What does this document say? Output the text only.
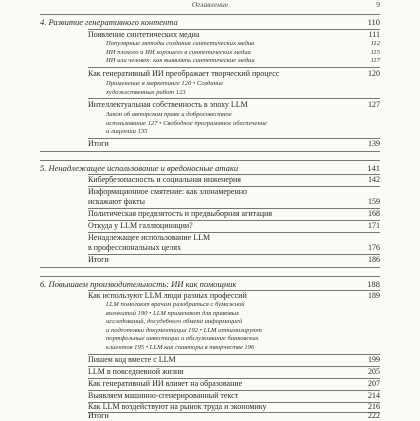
Оглавление	9
4. Развитие генеративного контента	110
Появление синтетических медиа	111
Популярные методы создания синтетических медиа	112
ИИ плохого и ИИ хорошего в синтетических медиа	115
ИИ или человек: как выявлять синтетические медиа	117
Как генеративный ИИ преображает творческий процесс	120
Применение в маркетинге 120 • Создание
художественных работ 123
Интеллектуальная собственность в эпоху LLM	127
Закон об авторском праве и добросовестное
использование 127 • Свободное программное обеспечение
и лицензии 135
Итоги	139
5. Ненадлежащее использование и вредоносные атаки	141
Кибербезопасность и социальная инженерия	142
Информационное смятение: как злонамеренно
искажают факты	159
Политическая предвзятость и предвыборная агитация	168
Откуда у LLM галлюцинации?	171
Ненадлежащее использование LLM
в профессиональных целях	176
Итоги	186
6. Повышаем производительность: ИИ как помощник	188
Как используют LLM люди разных профессий	189
LLM помогают врачам разобраться с бумажной
волокитой 190 • LLM применяют для правовых
исследований, досудебного обмена информацией
и подготовки документации 192 • LLM оптимизируют
портфельные инвестиции и обслуживание банковских
клиентов 195 • LLM как соавторы в творчестве 196
Пишем код вместе с LLM	199
LLM в повседневной жизни	205
Как генеративный ИИ влияет на образование	207
Выявляем машинно-сгенерированный текст	214
Как LLM воздействуют на рынок труда и экономику	216
Итоги	222
